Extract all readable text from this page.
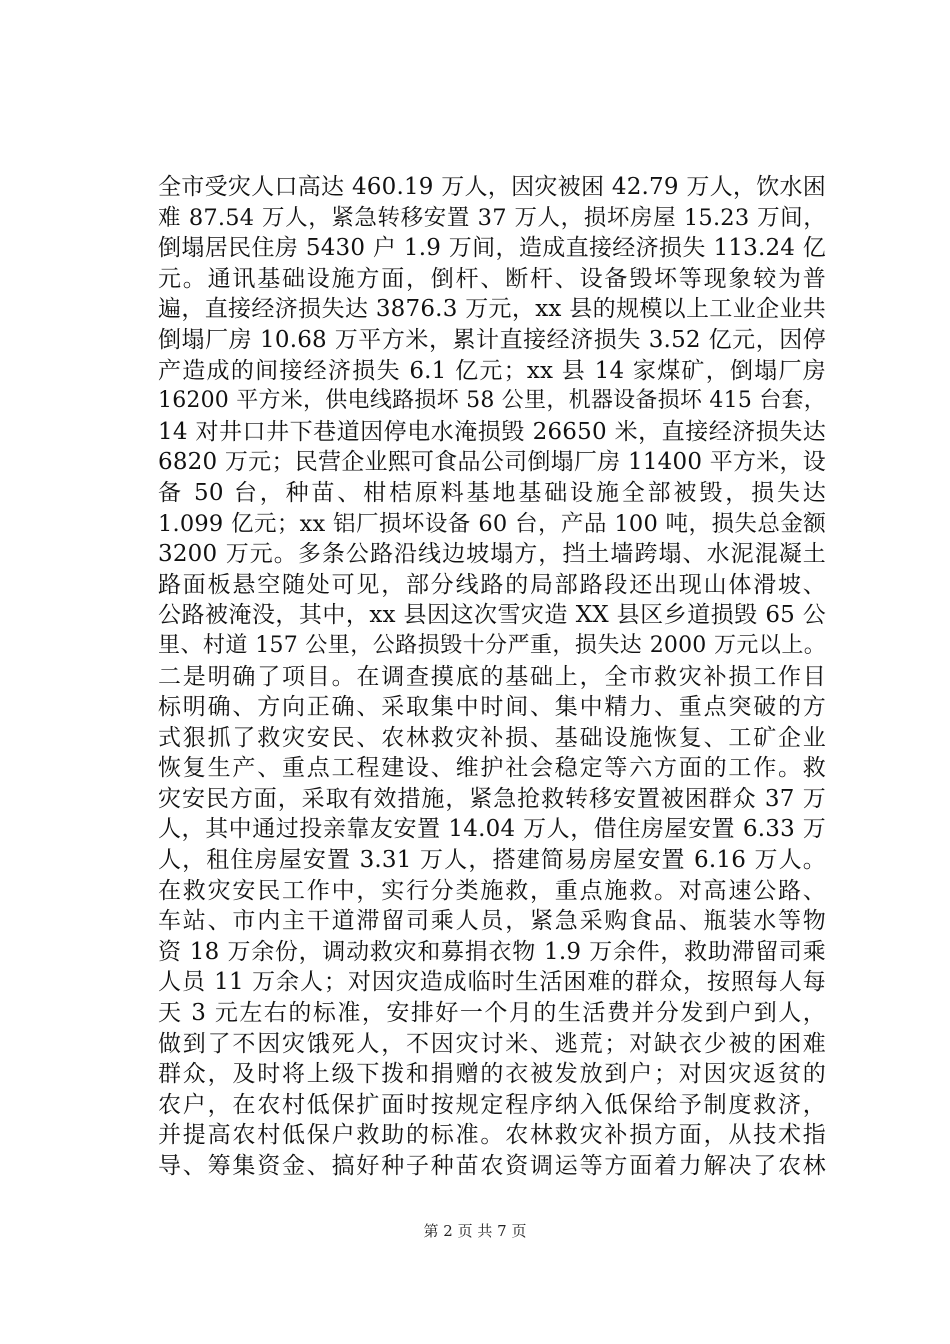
全市受灾人口高达 460.19 万人，因灾被困 42.79 万人，饮水困
难 87.54 万人，紧急转移安置 37 万人，损坏房屋 15.23 万间，
倒塌居民住房 5430 户 1.9 万间，造成直接经济损失 113.24 亿
元。通讯基础设施方面，倒杆、断杆、设备毁坏等现象较为普
遍，直接经济损失达 3876.3 万元，xx 县的规模以上工业企业共
倒塌厂房 10.68 万平方米，累计直接经济损失 3.52 亿元，因停
产造成的间接经济损失 6.1 亿元；xx 县 14 家煤矿，倒塌厂房
16200 平方米，供电线路损坏 58 公里，机器设备损坏 415 台套，
14 对井口井下巷道因停电水淹损毁 26650 米，直接经济损失达
6820 万元；民营企业熙可食品公司倒塌厂房 11400 平方米，设
备 50 台，种苗、柑桔原料基地基础设施全部被毁，损失达
1.099 亿元；xx 铝厂损坏设备 60 台，产品 100 吨，损失总金额
3200 万元。多条公路沿线边坡塌方，挡土墙跨塌、水泥混凝土
路面板悬空随处可见，部分线路的局部路段还出现山体滑坡、
公路被淹没，其中，xx 县因这次雪灾造 XX 县区乡道损毁 65 公
里、村道 157 公里，公路损毁十分严重，损失达 2000 万元以上。
二是明确了项目。在调查摸底的基础上，全市救灾补损工作目
标明确、方向正确、采取集中时间、集中精力、重点突破的方
式狠抓了救灾安民、农林救灾补损、基础设施恢复、工矿企业
恢复生产、重点工程建设、维护社会稳定等六方面的工作。救
灾安民方面，采取有效措施，紧急抢救转移安置被困群众 37 万
人，其中通过投亲靠友安置 14.04 万人，借住房屋安置 6.33 万
人，租住房屋安置 3.31 万人，搭建简易房屋安置 6.16 万人。
在救灾安民工作中，实行分类施救，重点施救。对高速公路、
车站、市内主干道滞留司乘人员，紧急采购食品、瓶装水等物
资 18 万余份，调动救灾和募捐衣物 1.9 万余件，救助滞留司乘
人员 11 万余人；对因灾造成临时生活困难的群众，按照每人每
天 3 元左右的标准，安排好一个月的生活费并分发到户到人，
做到了不因灾饿死人，不因灾讨米、逃荒；对缺衣少被的困难
群众，及时将上级下拨和捐赠的衣被发放到户；对因灾返贫的
农户，在农村低保扩面时按规定程序纳入低保给予制度救济，
并提高农村低保户救助的标准。农林救灾补损方面，从技术指
导、筹集资金、搞好种子种苗农资调运等方面着力解决了农林
第 2 页 共 7 页
